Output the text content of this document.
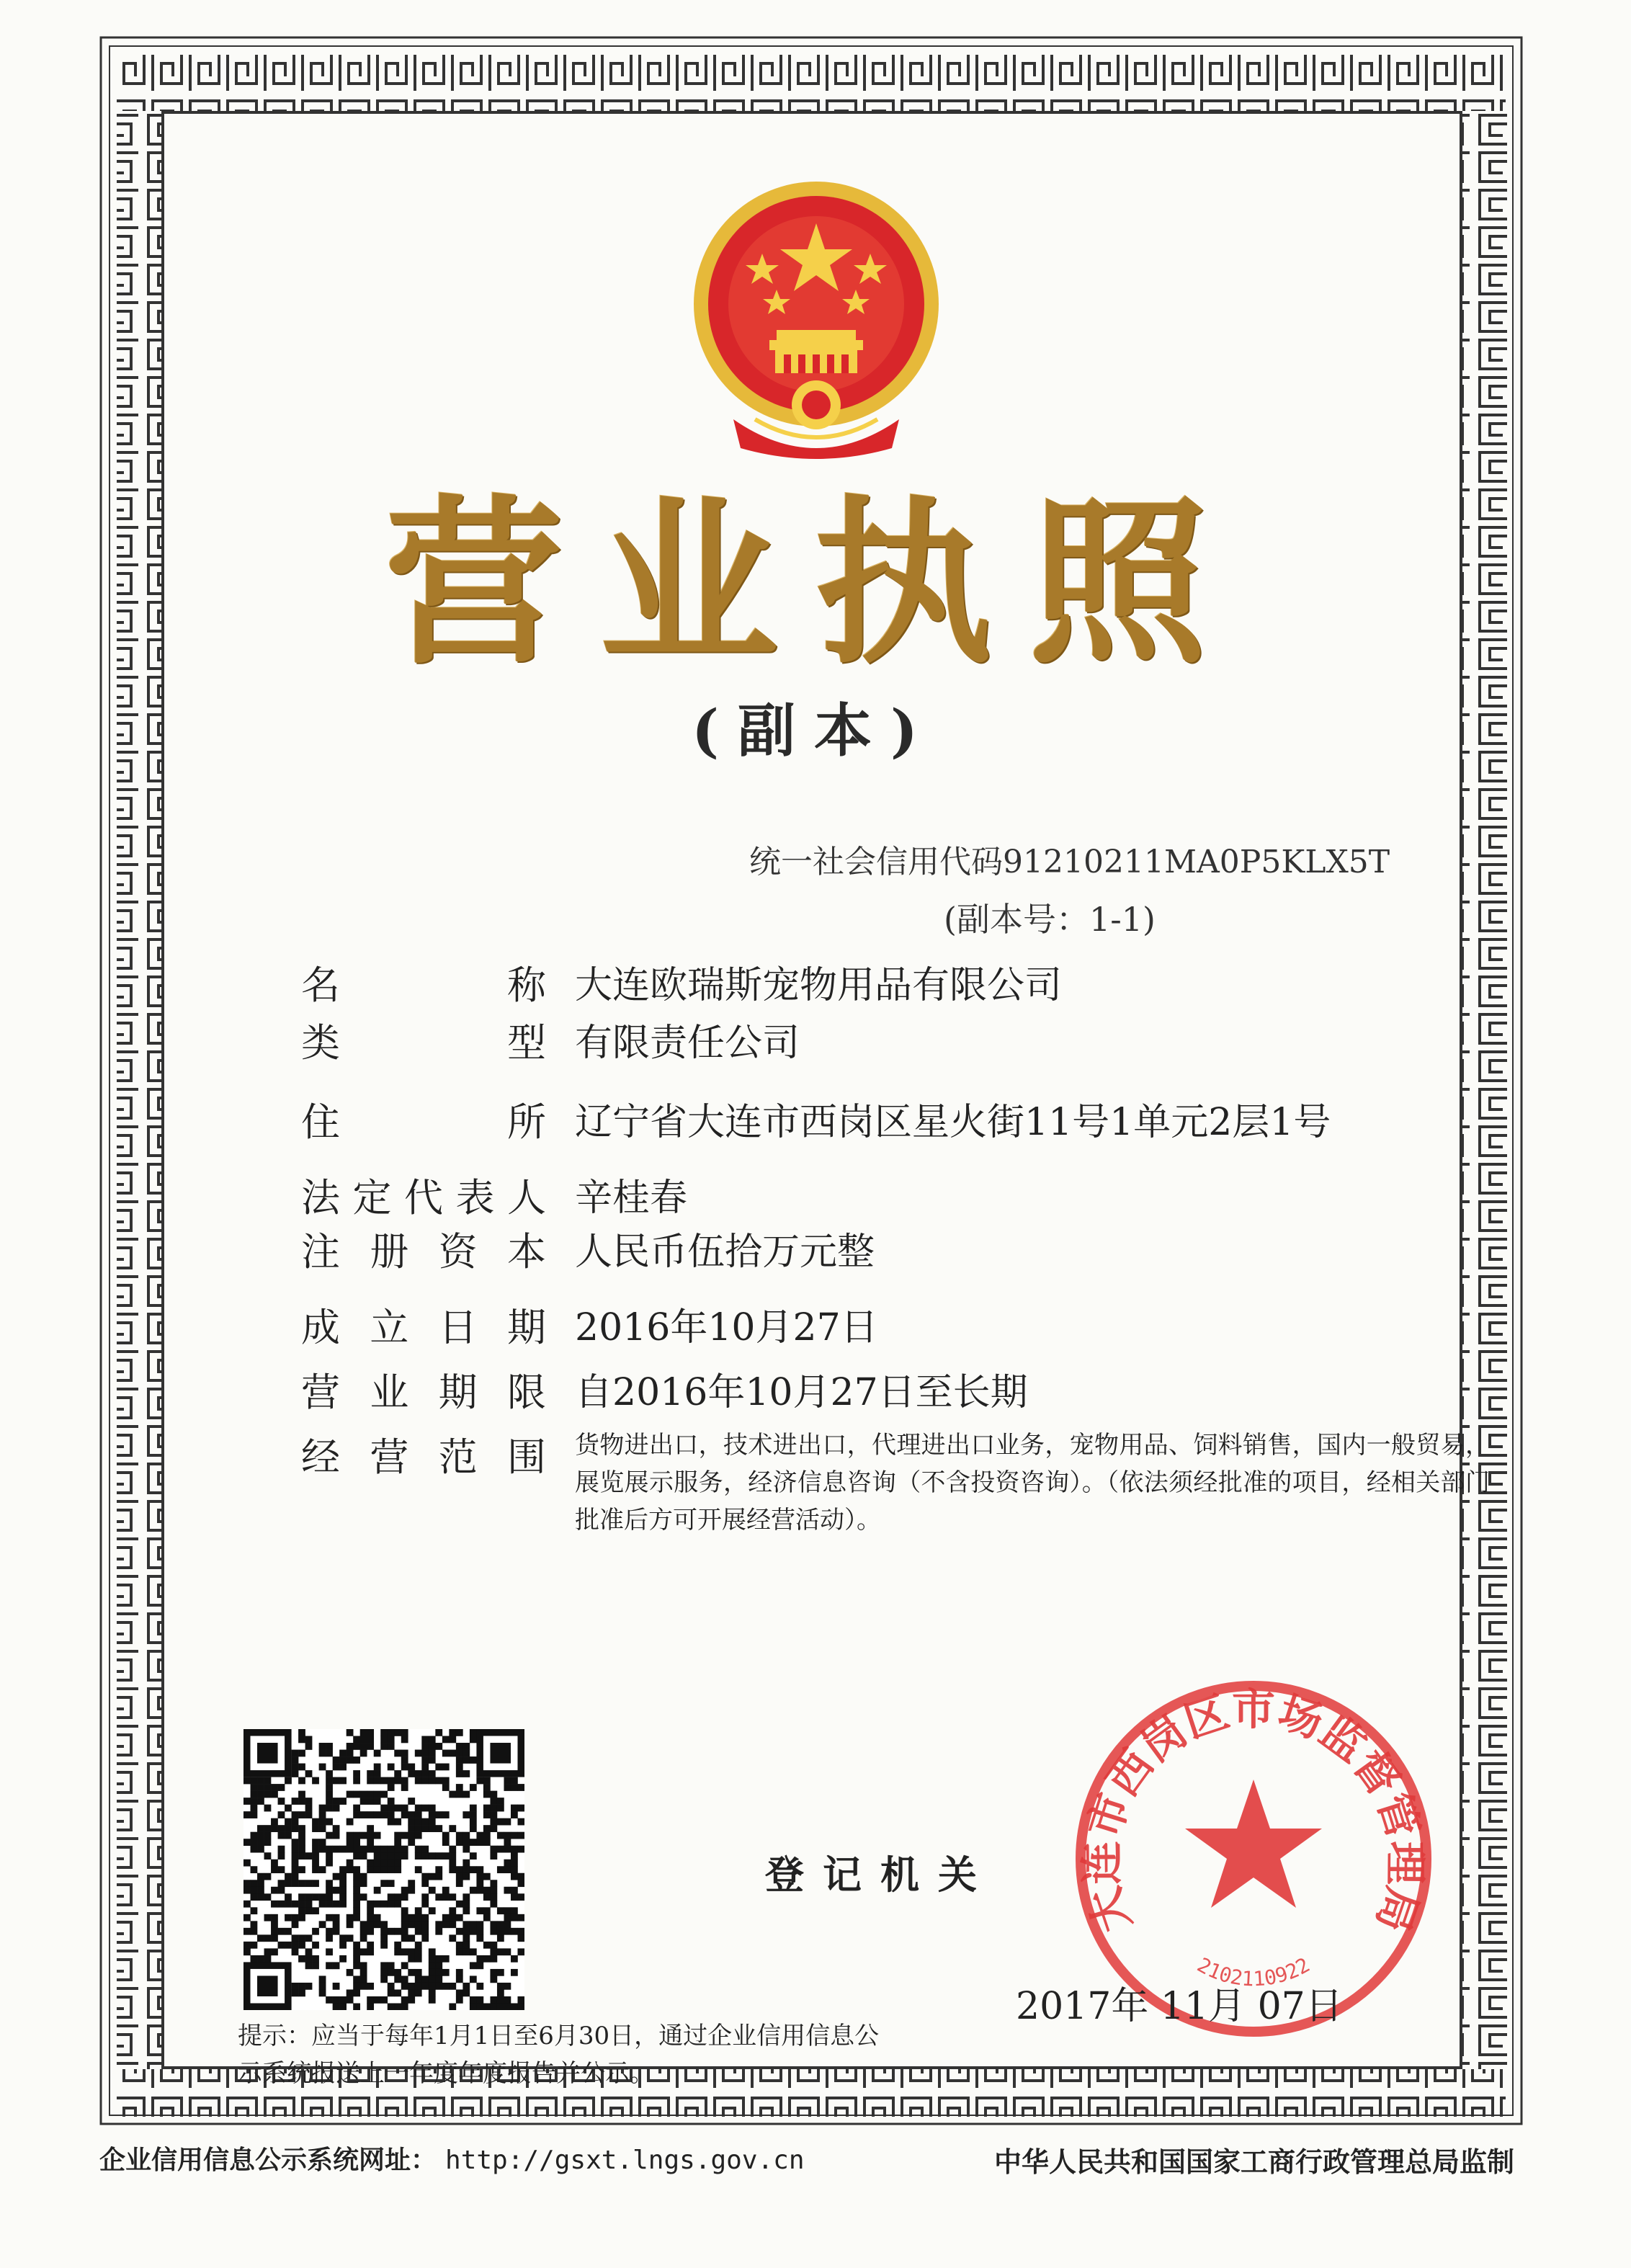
营业执照
(副本)
统一社会信用代码91210211MA0P5KLX5T
(副本号：1-1)
名	称 大连欧瑞斯宠物用品有限公司
类	型 有限责任公司
住	所 辽宁省大连市西岗区星火街11号1单元2层1号
法 定 代 表 人 辛桂春
注 册 资 本 人民币伍拾万元整
成 立 日 期 2016年10月27日
营 业 期 限 自2016年10月27日至长期
经 营 范 围 货物进出口，技术进出口，代理进出口业务，宠物用品、饲料销售，国内一般贸易，展览展示服务，经济信息咨询（不含投资咨询）。（依法须经批准的项目，经相关部门批准后方可开展经营活动）。
登记机关
大连市西岗区市场监督管理局
2102110922
2017年 11月 07日
提示：应当于每年1月1日至6月30日，通过企业信用信息公示系统报送上一年度年度报告并公示。
企业信用信息公示系统网址： http://gsxt.lngs.gov.cn	中华人民共和国国家工商行政管理总局监制
